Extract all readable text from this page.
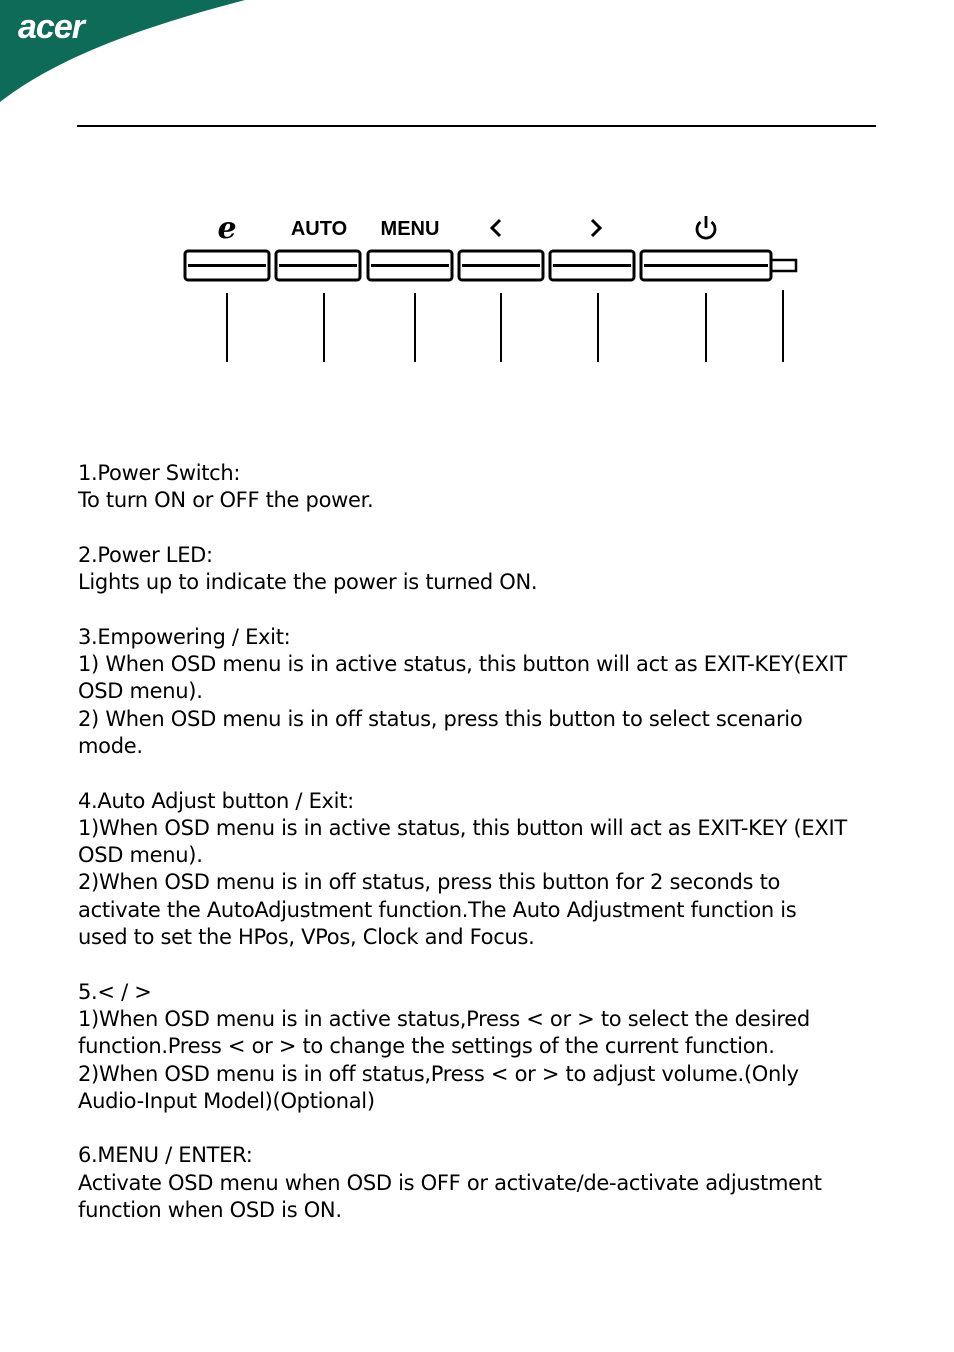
acer
e	AUTO MENU

1.Power Switch:

To turn ON or OFF the power.

2.Power LED:

Lights up to indicate the power is turned ON.

3.Empowering / Exit:

1) When OSD menu is in active status, this button will act as EXIT-KEY(EXIT

OSD menu).

2) When OSD menu is in off status, press this button to select scenario

mode.

4.Auto Adjust button / Exit:

1)When OSD menu is in active status, this button will act as EXIT-KEY (EXIT

OSD menu).

2)When OSD menu is in off status, press this button for 2 seconds to

activate the AutoAdjustment function.The Auto Adjustment function is

used to set the HPos, VPos, Clock and Focus.

5.< / >

1)When OSD menu is in active status,Press < or > to select the desired

function.Press < or > to change the settings of the current function.

2)When OSD menu is in off status,Press < or > to adjust volume.(Only

Audio-Input Model)(Optional)

6.MENU / ENTER:

Activate OSD menu when OSD is OFF or activate/de-activate adjustment

function when OSD is ON.
